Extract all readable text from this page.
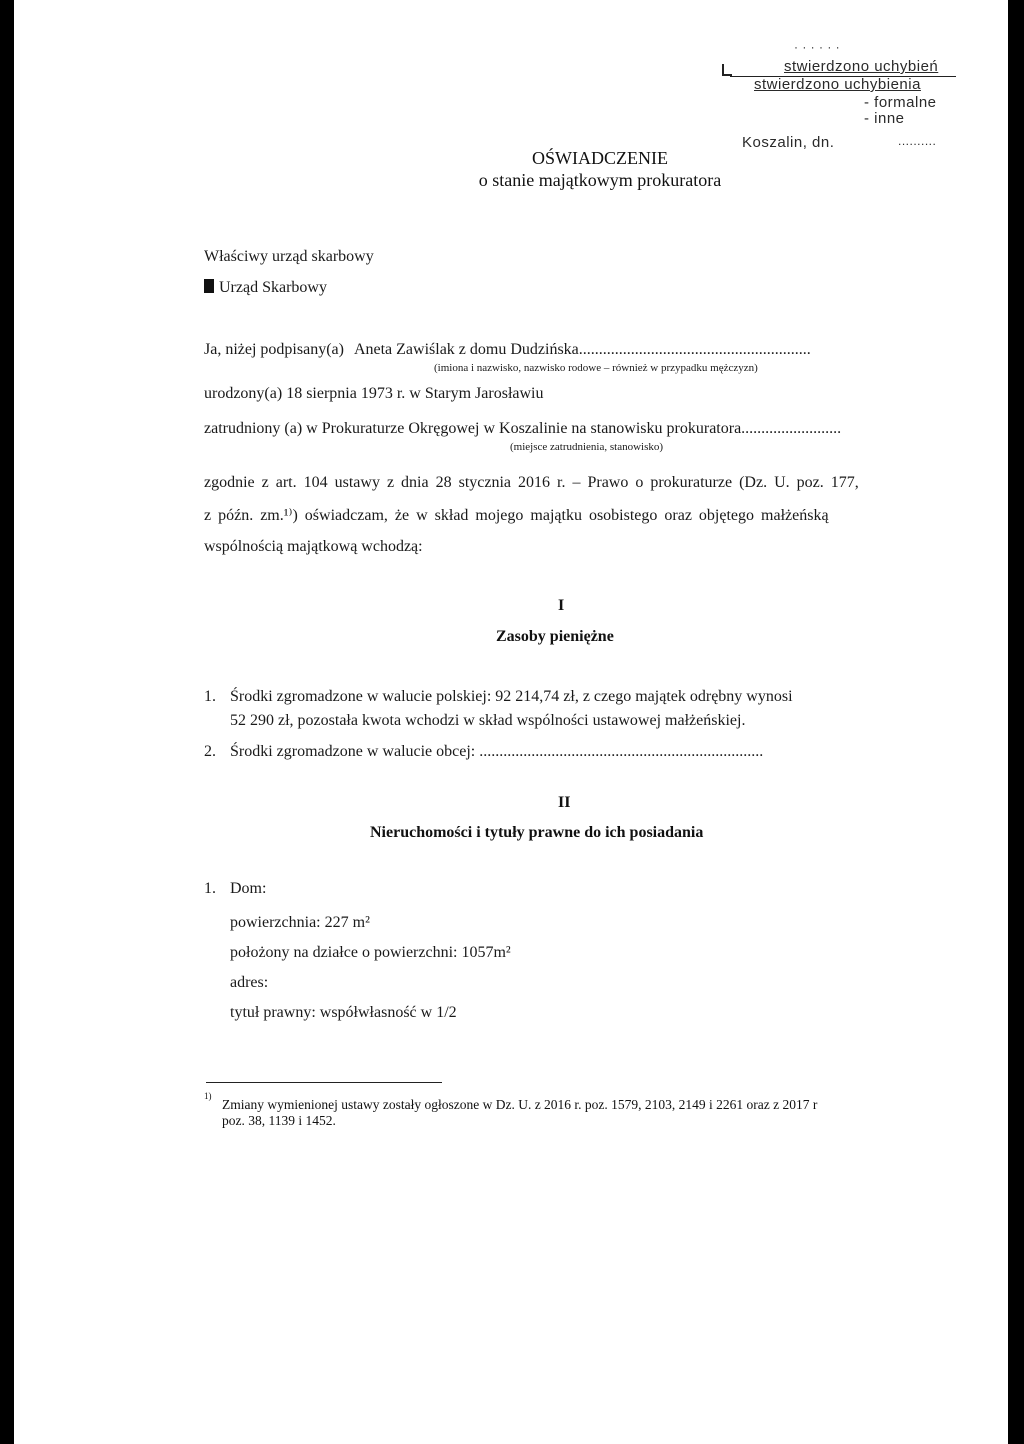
· · · · · ·
stwierdzono uchybień
stwierdzono uchybienia
- formalne
- inne
Koszalin, dn.	..........
OŚWIADCZENIE
o stanie majątkowym prokuratora
Właściwy urząd skarbowy
Urząd Skarbowy
Ja, niżej podpisany(a) Aneta Zawiślak z domu Dudzińska..........................................................
(imiona i nazwisko, nazwisko rodowe – również w przypadku mężczyzn)
urodzony(a) 18 sierpnia 1973 r. w Starym Jarosławiu
zatrudniony (a) w Prokuraturze Okręgowej w Koszalinie na stanowisku prokuratora.........................
(miejsce zatrudnienia, stanowisko)
zgodnie z art. 104 ustawy z dnia 28 stycznia 2016 r. – Prawo o prokuraturze (Dz. U. poz. 177,
z późn. zm.¹⁾) oświadczam, że w skład mojego majątku osobistego oraz objętego małżeńską
wspólnością majątkową wchodzą:
I
Zasoby pieniężne
1. Środki zgromadzone w walucie polskiej: 92 214,74 zł, z czego majątek odrębny wynosi
52 290 zł, pozostała kwota wchodzi w skład wspólności ustawowej małżeńskiej.
2. Środki zgromadzone w walucie obcej: .......................................................................
II
Nieruchomości i tytuły prawne do ich posiadania
1. Dom:
powierzchnia: 227 m²
położony na działce o powierzchni: 1057m²
adres:
tytuł prawny: współwłasność w 1/2
1)
Zmiany wymienionej ustawy zostały ogłoszone w Dz. U. z 2016 r. poz. 1579, 2103, 2149 i 2261 oraz z 2017 r
poz. 38, 1139 i 1452.
